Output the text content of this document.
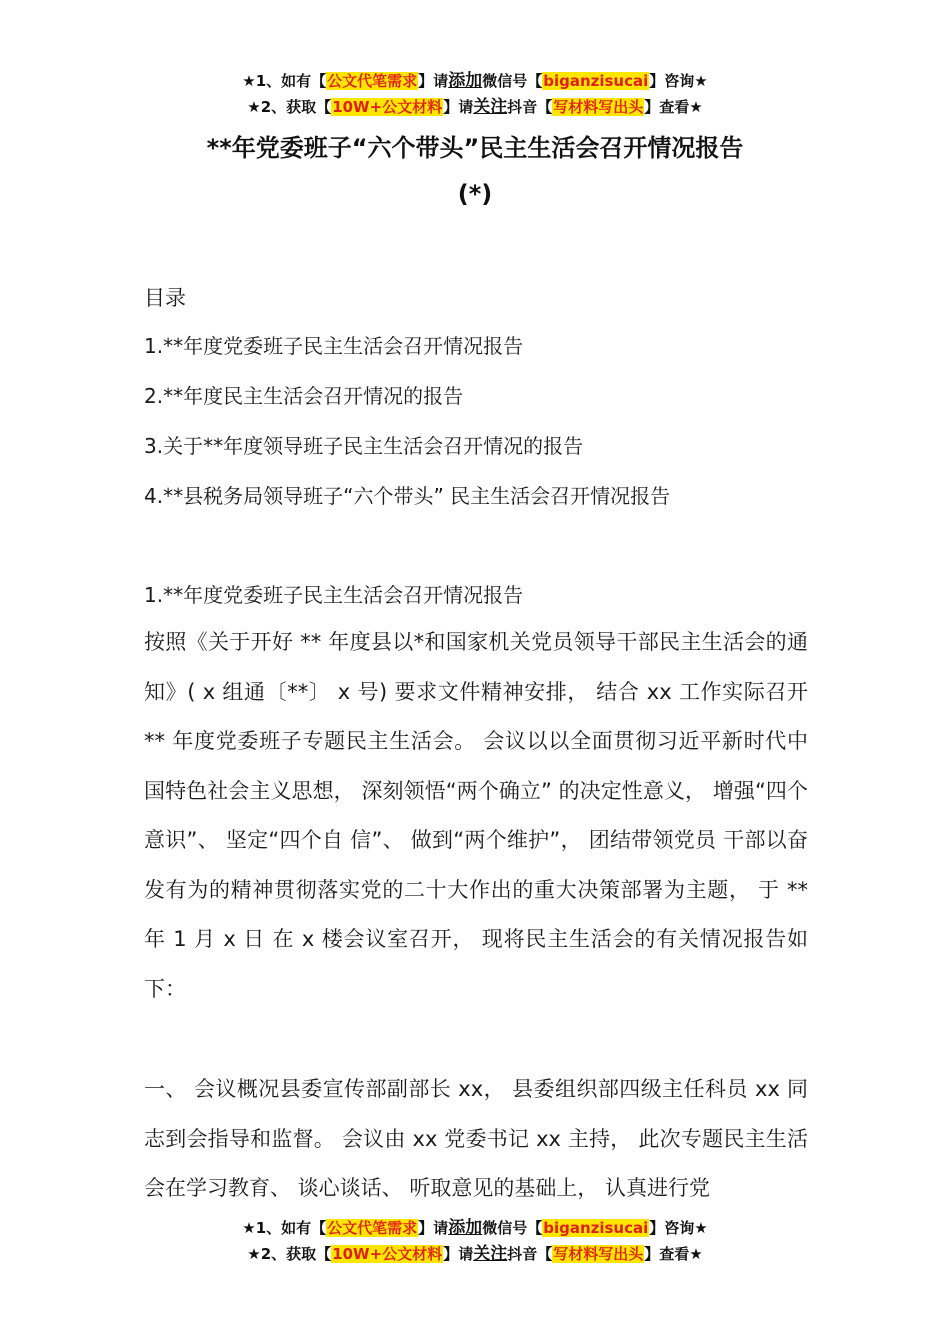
★1、如有【公文代笔需求】请添加微信号【biganzisucai】咨询★
★2、获取【10W+公文材料】请关注抖音【写材料写出头】查看★
**年党委班子“六个带头”民主生活会召开情况报告
(*)
目录
1.**年度党委班子民主生活会召开情况报告
2.**年度民主生活会召开情况的报告
3.关于**年度领导班子民主生活会召开情况的报告
4.**县税务局领导班子“六个带头” 民主生活会召开情况报告
1.**年度党委班子民主生活会召开情况报告
按照《关于开好 ** 年度县以*和国家机关党员领导干部民主生活会的通知》( x 组通〔**〕 x 号) 要求文件精神安排， 结合 xx 工作实际召开 ** 年度党委班子专题民主生活会。 会议以以全面贯彻习近平新时代中国特色社会主义思想， 深刻领悟“两个确立” 的决定性意义， 增强“四个意识”、 坚定“四个自 信”、 做到“两个维护”， 团结带领党员 干部以奋发有为的精神贯彻落实党的二十大作出的重大决策部署为主题， 于 ** 年 1 月 x 日 在 x 楼会议室召开， 现将民主生活会的有关情况报告如下：
一、 会议概况县委宣传部副部长 xx， 县委组织部四级主任科员 xx 同志到会指导和监督。 会议由 xx 党委书记 xx 主持， 此次专题民主生活会在学习教育、 谈心谈话、 听取意见的基础上， 认真进行党
★1、如有【公文代笔需求】请添加微信号【biganzisucai】咨询★
★2、获取【10W+公文材料】请关注抖音【写材料写出头】查看★
